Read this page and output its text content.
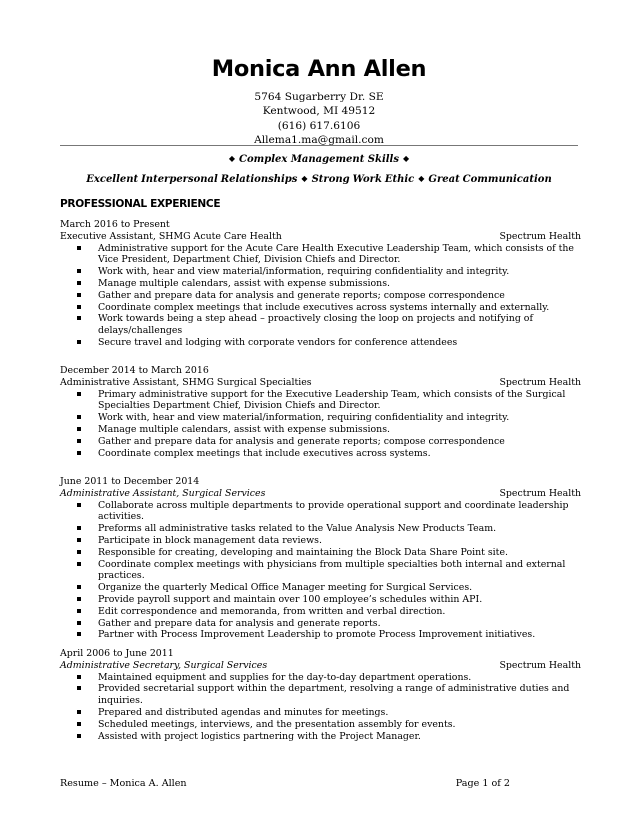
Monica Ann Allen
5764 Sugarberry Dr. SE
Kentwood, MI 49512
(616) 617.6106
Allema1.ma@gmail.com
◆ Complex Management Skills ◆
Excellent Interpersonal Relationships ◆ Strong Work Ethic ◆ Great Communication
PROFESSIONAL EXPERIENCE
March 2016 to Present
Executive Assistant, SHMG Acute Care Health	Spectrum Health
Administrative support for the Acute Care Health Executive Leadership Team, which consists of the Vice President, Department Chief, Division Chiefs and Director.
Work with, hear and view material/information, requiring confidentiality and integrity.
Manage multiple calendars, assist with expense submissions.
Gather and prepare data for analysis and generate reports; compose correspondence
Coordinate complex meetings that include executives across systems internally and externally.
Work towards being a step ahead – proactively closing the loop on projects and notifying of delays/challenges
Secure travel and lodging with corporate vendors for conference attendees
December 2014 to March 2016
Administrative Assistant, SHMG Surgical Specialties	Spectrum Health
Primary administrative support for the Executive Leadership Team, which consists of the Surgical Specialties Department Chief, Division Chiefs and Director.
Work with, hear and view material/information, requiring confidentiality and integrity.
Manage multiple calendars, assist with expense submissions.
Gather and prepare data for analysis and generate reports; compose correspondence
Coordinate complex meetings that include executives across systems.
June 2011 to December 2014
Administrative Assistant, Surgical Services	Spectrum Health
Collaborate across multiple departments to provide operational support and coordinate leadership activities.
Preforms all administrative tasks related to the Value Analysis New Products Team.
Participate in block management data reviews.
Responsible for creating, developing and maintaining the Block Data Share Point site.
Coordinate complex meetings with physicians from multiple specialties both internal and external practices.
Organize the quarterly Medical Office Manager meeting for Surgical Services.
Provide payroll support and maintain over 100 employee’s schedules within API.
Edit correspondence and memoranda, from written and verbal direction.
Gather and prepare data for analysis and generate reports.
Partner with Process Improvement Leadership to promote Process Improvement initiatives.
April 2006 to June 2011
Administrative Secretary, Surgical Services	Spectrum Health
Maintained equipment and supplies for the day-to-day department operations.
Provided secretarial support within the department, resolving a range of administrative duties and inquiries.
Prepared and distributed agendas and minutes for meetings.
Scheduled meetings, interviews, and the presentation assembly for events.
Assisted with project logistics partnering with the Project Manager.
Resume – Monica A. Allen	Page 1 of 2
